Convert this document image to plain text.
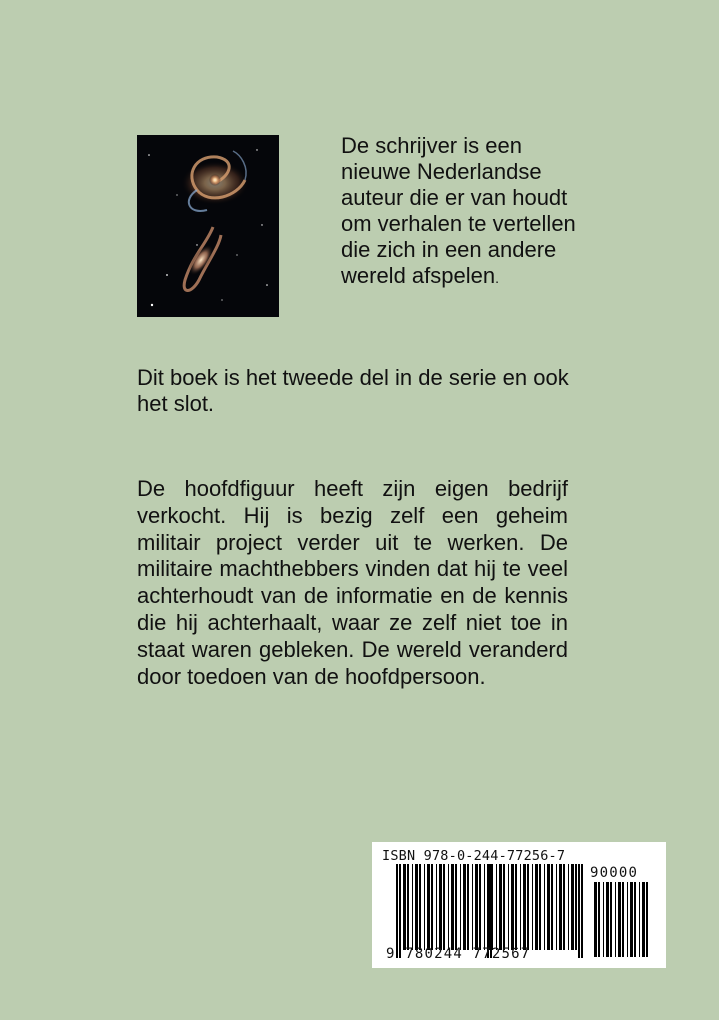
De schrijver is een nieuwe Nederlandse auteur die er van houdt om verhalen te vertellen die zich in een andere wereld afspelen.

Dit boek is het tweede del in de serie en ook het slot.

De hoofdfiguur heeft zijn eigen bedrijf verkocht. Hij is bezig zelf een geheim militair project verder uit te werken. De militaire machthebbers vinden dat hij te veel achterhoudt van de informatie en de kennis die hij achterhaalt, waar ze zelf niet toe in staat waren gebleken. De wereld veranderd door toedoen van de hoofdpersoon.

ISBN 978-0-244-77256-7
9 780244 772567
90000
